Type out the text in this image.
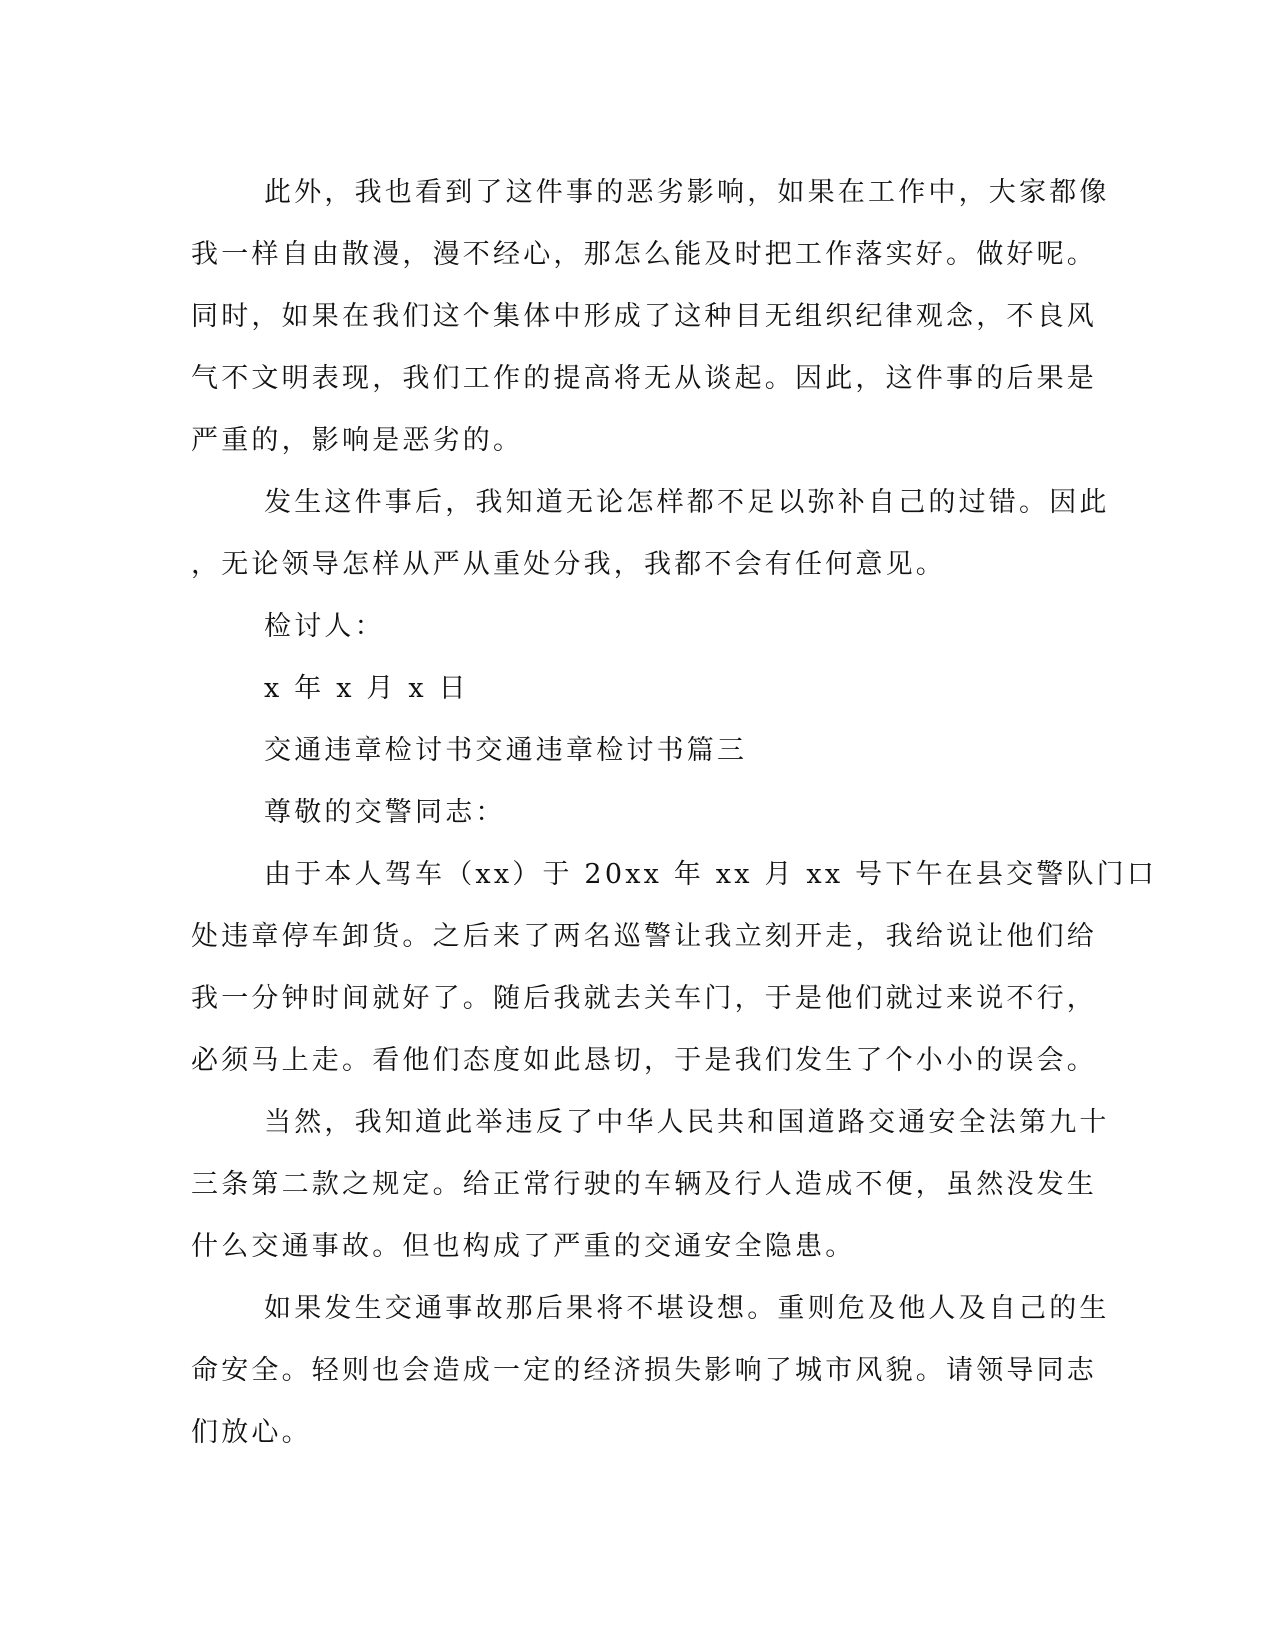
此外，我也看到了这件事的恶劣影响，如果在工作中，大家都像
我一样自由散漫，漫不经心，那怎么能及时把工作落实好。做好呢。
同时，如果在我们这个集体中形成了这种目无组织纪律观念，不良风
气不文明表现，我们工作的提高将无从谈起。因此，这件事的后果是
严重的，影响是恶劣的。
发生这件事后，我知道无论怎样都不足以弥补自己的过错。因此
，无论领导怎样从严从重处分我，我都不会有任何意见。
检讨人：
x 年 x 月 x 日
交通违章检讨书交通违章检讨书篇三
尊敬的交警同志：
由于本人驾车（xx）于 20xx 年 xx 月 xx 号下午在县交警队门口
处违章停车卸货。之后来了两名巡警让我立刻开走，我给说让他们给
我一分钟时间就好了。随后我就去关车门，于是他们就过来说不行，
必须马上走。看他们态度如此恳切，于是我们发生了个小小的误会。
当然，我知道此举违反了中华人民共和国道路交通安全法第九十
三条第二款之规定。给正常行驶的车辆及行人造成不便，虽然没发生
什么交通事故。但也构成了严重的交通安全隐患。
如果发生交通事故那后果将不堪设想。重则危及他人及自己的生
命安全。轻则也会造成一定的经济损失影响了城市风貌。请领导同志
们放心。
